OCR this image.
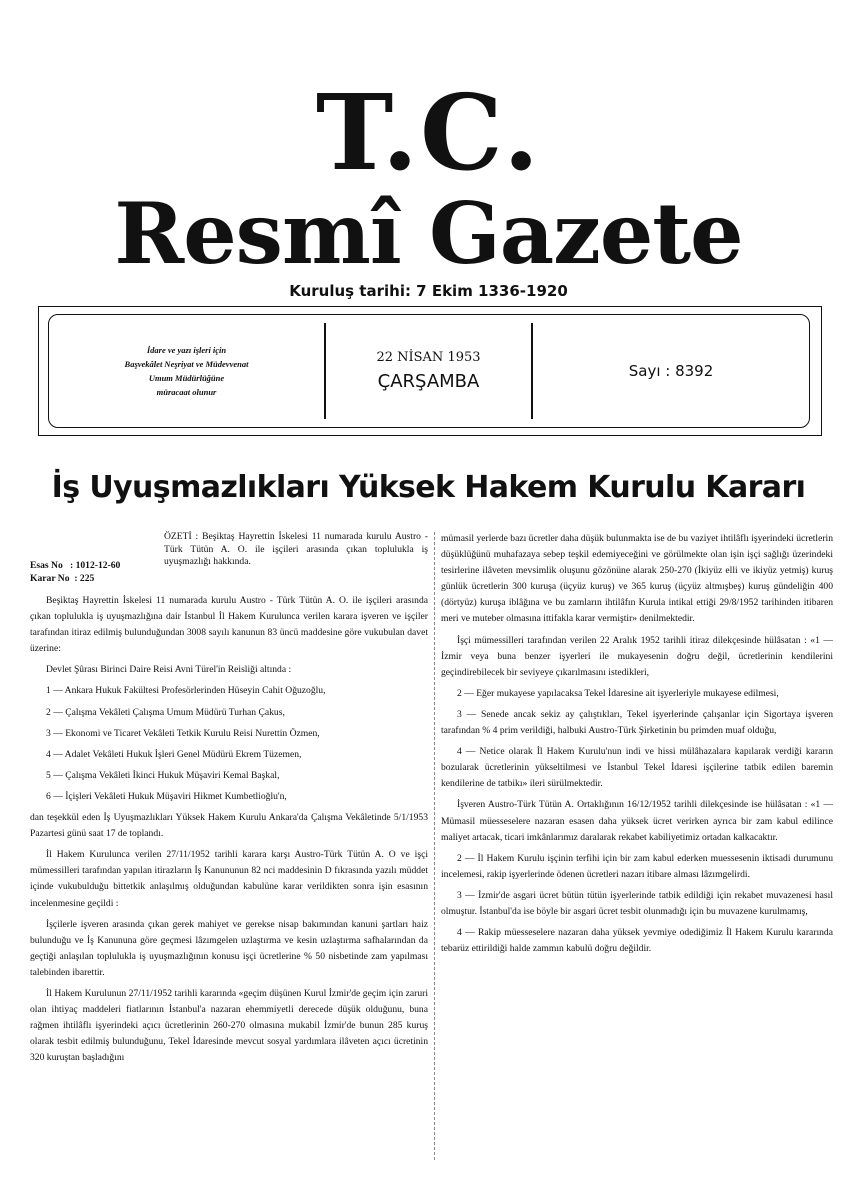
T.C.
Resmî Gazete
Kuruluş tarihi: 7 Ekim 1336-1920
İdare ve yazı işleri için
Başvekâlet Neşriyat ve Müdevvenat
Umum Müdürlüğüne
müracaat olunur
22 NİSAN 1953
ÇARŞAMBA	Sayı : 8392
İş Uyuşmazlıkları Yüksek Hakem Kurulu Kararı
Esas No   : 1012-12-60
Karar No  : 225
ÖZETİ : Beşiktaş Hayrettin İskelesi 11 numarada kurulu Austro - Türk Tütün A. O. ile işçileri arasında çıkan toplulukla iş uyuşmazlığı hakkında.

Beşiktaş Hayrettin İskelesi 11 numarada kurulu Austro - Türk Tütün A. O. ile işçileri arasında çıkan toplulukla iş uyuşmazlığına dair İstanbul İl Hakem Kurulunca verilen karara işveren ve işçiler tarafından itiraz edilmiş bulunduğundan 3008 sayılı kanunun 83 üncü maddesine göre vukubulan davet üzerine:

Devlet Şûrası Birinci Daire Reisi Avni Türel'in Reisliği altında :

1 — Ankara Hukuk Fakültesi Profesörlerinden Hüseyin Cahit Oğuzoğlu,

2 — Çalışma Vekâleti Çalışma Umum Müdürü Turhan Çakus,

3 — Ekonomi ve Ticaret Vekâleti Tetkik Kurulu Reisi Nurettin Özmen,

4 — Adalet Vekâleti Hukuk İşleri Genel Müdürü Ekrem Tüzemen,

5 — Çalışma Vekâleti İkinci Hukuk Müşaviri Kemal Başkal,

6 — İçişleri Vekâleti Hukuk Müşaviri Hikmet Kumbetlioğlu'n,

dan teşekkül eden İş Uyuşmazlıkları Yüksek Hakem Kurulu Ankara'da Çalışma Vekâletinde 5/1/1953 Pazartesi günü saat 17 de toplandı.

İl Hakem Kurulunca verilen 27/11/1952 tarihli karara karşı Austro-Türk Tütün A. O ve işçi mümessilleri tarafından yapılan itirazların İş Kanununun 82 nci maddesinin D fıkrasında yazılı müddet içinde vukubulduğu bittetkik anlaşılmış olduğundan kabulüne karar verildikten sonra işin esasının incelenmesine geçildi :

İşçilerle işveren arasında çıkan gerek mahiyet ve gerekse nisap bakımından kanuni şartları haiz bulunduğu ve İş Kanununa göre geçmesi lâzımgelen uzlaştırma ve kesin uzlaştırma safhalarından da geçtiği anlaşılan toplulukla iş uyuşmazlığının konusu işçi ücretlerine % 50 nisbetinde zam yapılması talebinden ibarettir.

İl Hakem Kurulunun 27/11/1952 tarihli kararında «geçim düşünen Kurul İzmir'de geçim için zaruri olan ihtiyaç maddeleri fiatlarının İstanbul'a nazaran ehemmiyetli derecede düşük olduğunu, buna rağmen ihtilâflı işyerindeki açıcı ücretlerinin 260-270 olmasına mukabil İzmir'de bunun 285 kuruş olarak tesbit edilmiş bulunduğunu, Tekel İdaresinde mevcut sosyal yardımlara ilâveten açıcı ücretinin 320 kuruştan başladığını

mümasil yerlerde bazı ücretler daha düşük bulunmakta ise de bu vaziyet ihtilâflı işyerindeki ücretlerin düşüklüğünü muhafazaya sebep teşkil edemiyeceğini ve görülmekte olan işin işçi sağlığı üzerindeki tesirlerine ilâveten mevsimlik oluşunu gözönüne alarak 250-270 (İkiyüz elli ve ikiyüz yetmiş) kuruş günlük ücretlerin 300 kuruşa (üçyüz kuruş) ve 365 kuruş (üçyüz altmışbeş) kuruş gündeliğin 400 (dörtyüz) kuruşa iblâğına ve bu zamların ihtilâfın Kurula intikal ettiği 29/8/1952 tarihinden itibaren meri ve muteber olmasına ittifakla karar vermiştir» denilmektedir.

İşçi mümessilleri tarafından verilen 22 Aralık 1952 tarihli itiraz dilekçesinde hülâsatan : «1 — İzmir veya buna benzer işyerleri ile mukayesenin doğru değil, ücretlerinin kendilerini geçindirebilecek bir seviyeye çıkarılmasını istedikleri,

2 — Eğer mukayese yapılacaksa Tekel İdaresine ait işyerleriyle mukayese edilmesi,

3 — Senede ancak sekiz ay çalıştıkları, Tekel işyerlerinde çalışanlar için Sigortaya işveren tarafından % 4 prim verildiği, halbuki Austro-Türk Şirketinin bu primden muaf olduğu,

4 — Netice olarak İl Hakem Kurulu'nun indi ve hissi mülâhazalara kapılarak verdiği kararın bozularak ücretlerinin yükseltilmesi ve İstanbul Tekel İdaresi işçilerine tatbik edilen baremin kendilerine de tatbikı» ileri sürülmektedir.

İşveren Austro-Türk Tütün A. Ortaklığının 16/12/1952 tarihli dilekçesinde ise hülâsatan : «1 — Mümasil müesseselere nazaran esasen daha yüksek ücret verirken ayrıca bir zam kabul edilince maliyet artacak, ticari imkânlarımız daralarak rekabet kabiliyetimiz ortadan kalkacaktır.

2 — İl Hakem Kurulu işçinin terfihi için bir zam kabul ederken muessesenin iktisadi durumunu incelemesi, rakip işyerlerinde ödenen ücretleri nazarı itibare alması lâzımgelirdi.

3 — İzmir'de asgari ücret bütün tütün işyerlerinde tatbik edildiği için rekabet muvazenesi hasıl olmuştur. İstanbul'da ise böyle bir asgari ücret tesbit olunmadığı için bu muvazene kurulmamış,

4 — Rakip müesseselere nazaran daha yüksek yevmiye odediğimiz İl Hakem Kurulu kararında tebarüz ettirildiği halde zammın kabulü doğru değildir.
